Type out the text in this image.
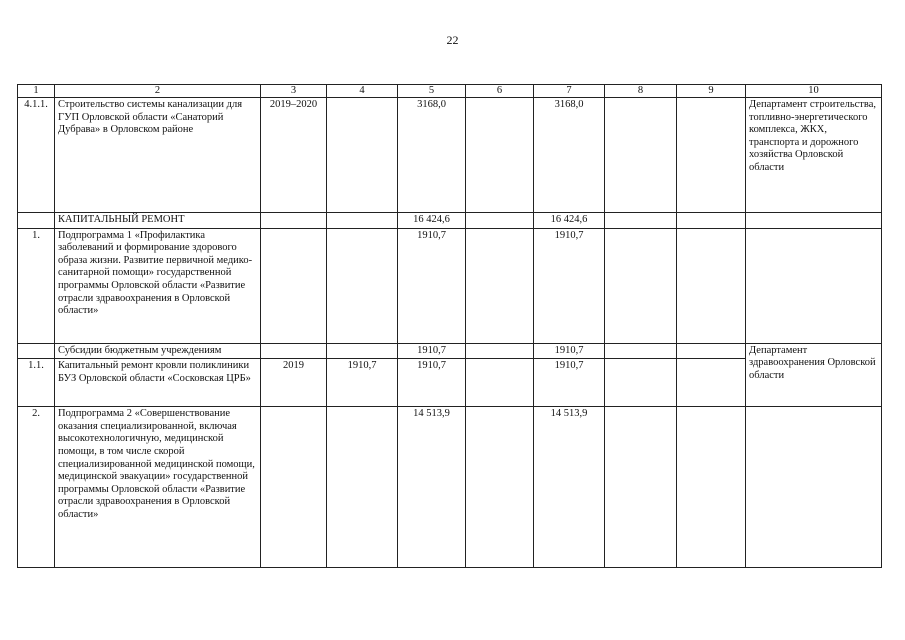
22
1	2	3	4	5	6	7	8	9	10
4.1.1.	Строительство системы канализации для ГУП Орловской области «Санаторий Дубрава» в Орловском районе	2019–2020		3168,0		3168,0			Департамент строительства, топливно-энергетического комплекса, ЖКХ, транспорта и дорожного хозяйства Орловской области
	КАПИТАЛЬНЫЙ РЕМОНТ			16 424,6		16 424,6			
1.	Подпрограмма 1 «Профилактика заболеваний и формирование здорового образа жизни. Развитие первичной медико-санитарной помощи» государственной программы Орловской области «Развитие отрасли здравоохранения в Орловской области»			1910,7		1910,7			
	Субсидии бюджетным учреждениям			1910,7		1910,7			Департамент здравоохранения Орловской области
1.1.	Капитальный ремонт кровли поликлиники БУЗ Орловской области «Сосковская ЦРБ»	2019	1910,7	1910,7		1910,7			
2.	Подпрограмма 2 «Совершенствование оказания специализированной, включая высокотехнологичную, медицинской помощи, в том числе скорой специализированной медицинской помощи, медицинской эвакуации» государственной программы Орловской области «Развитие отрасли здравоохранения в Орловской области»			14 513,9		14 513,9			
